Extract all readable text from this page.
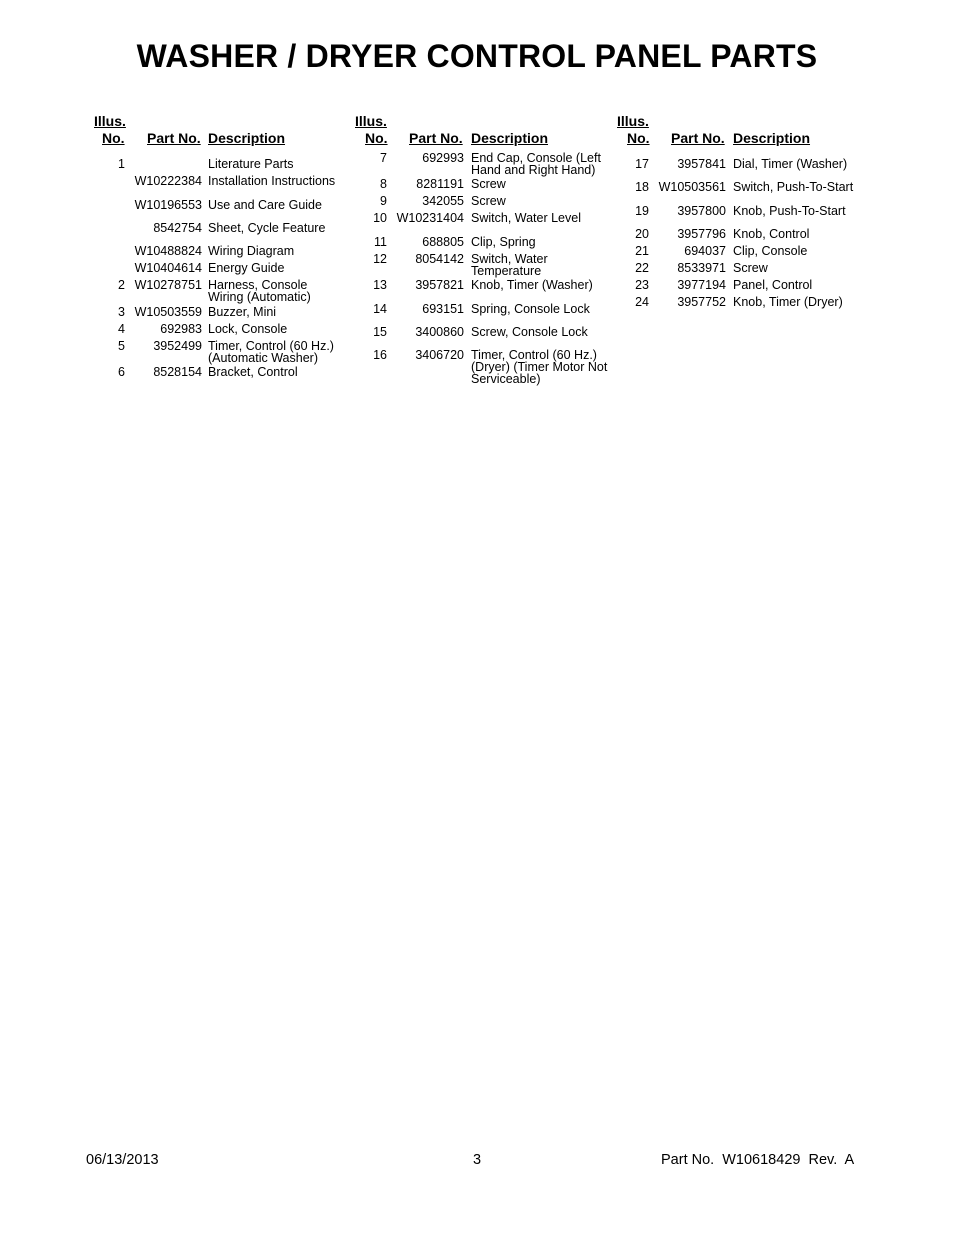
WASHER / DRYER CONTROL PANEL PARTS
Illus.
No. Part No. Description
1	Literature Parts
W10222384 Installation Instructions
W10196553 Use and Care Guide
8542754 Sheet, Cycle Feature
W10488824 Wiring Diagram
W10404614 Energy Guide
2 W10278751 Harness, Console Wiring (Automatic)
3 W10503559 Buzzer, Mini
4	692983 Lock, Console
5 3952499 Timer, Control (60 Hz.) (Automatic Washer)
6 8528154 Bracket, Control
Illus.
No. Part No. Description
7	692993 End Cap, Console (Left Hand and Right Hand)
8 8281191 Screw
9	342055 Screw
10 W10231404 Switch, Water Level
11	688805 Clip, Spring
12 8054142 Switch, Water Temperature
13 3957821 Knob, Timer (Washer)
14	693151 Spring, Console Lock
15 3400860 Screw, Console Lock
16 3406720 Timer, Control (60 Hz.) (Dryer) (Timer Motor Not Serviceable)
Illus.
No. Part No. Description
17 3957841 Dial, Timer (Washer)
18 W10503561 Switch, Push-To-Start
19 3957800 Knob, Push-To-Start
20 3957796 Knob, Control
21	694037 Clip, Console
22 8533971 Screw
23 3977194 Panel, Control
24 3957752 Knob, Timer (Dryer)
06/13/2013	3	Part No.  W10618429  Rev.  A
